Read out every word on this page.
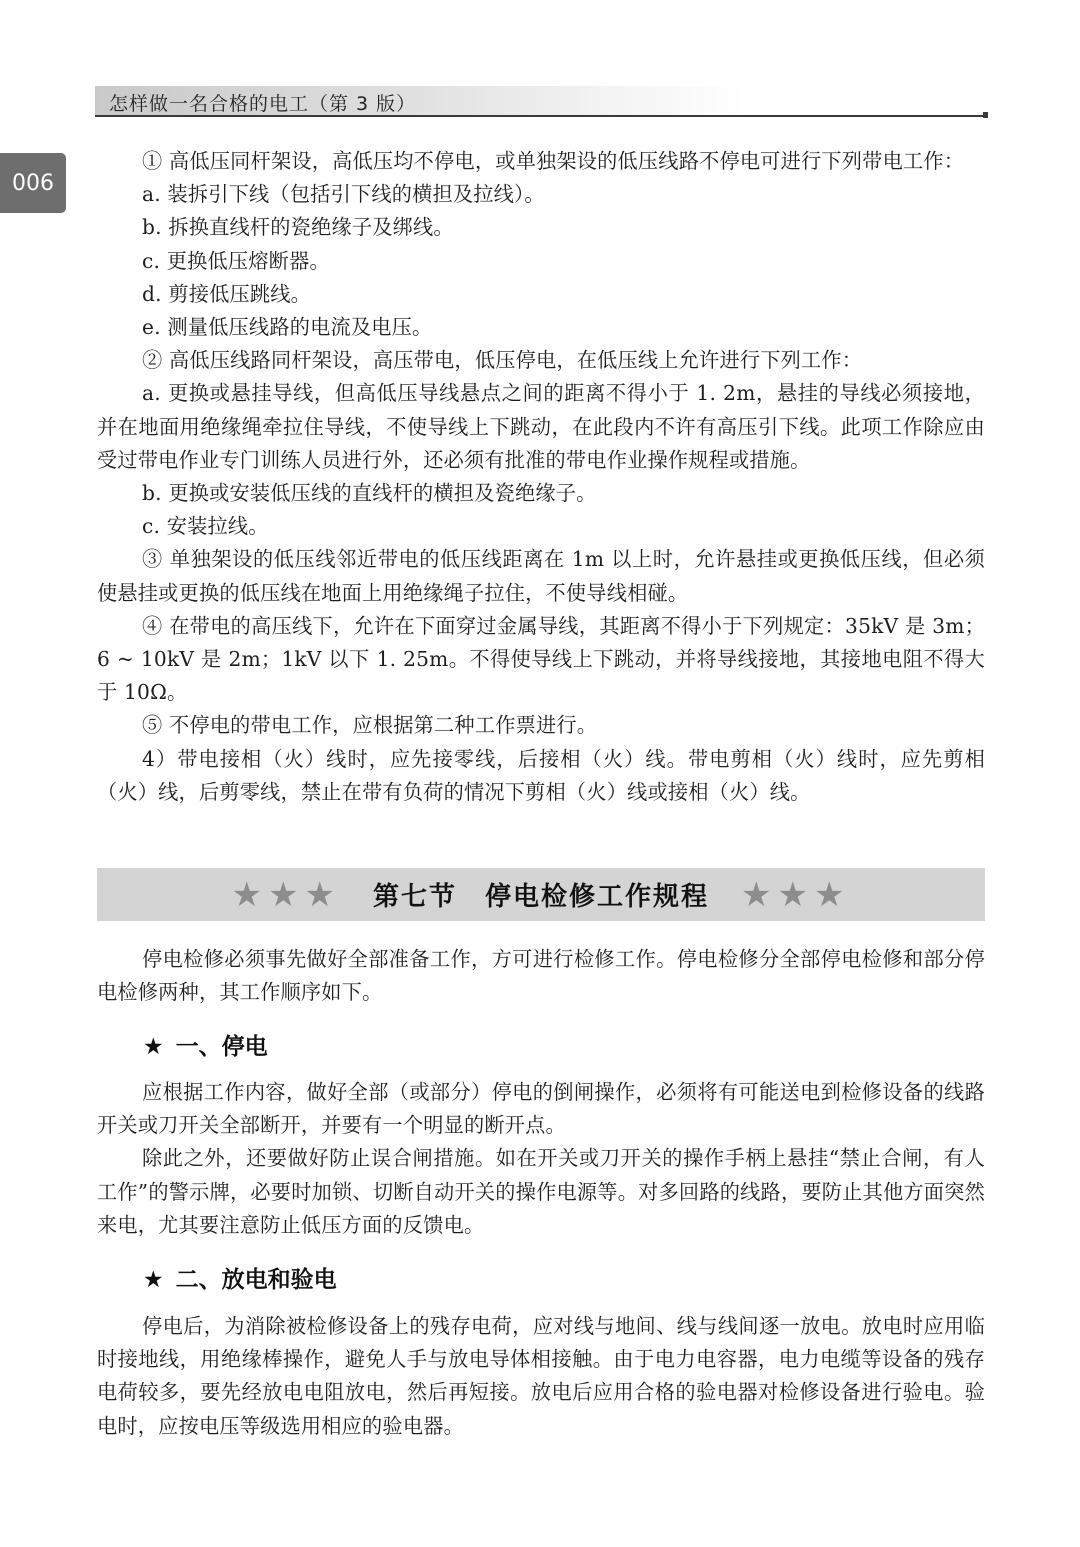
怎样做一名合格的电工（第 3 版）
006

① 高低压同杆架设，高低压均不停电，或单独架设的低压线路不停电可进行下列带电工作：

a. 装拆引下线（包括引下线的横担及拉线）。

b. 拆换直线杆的瓷绝缘子及绑线。

c. 更换低压熔断器。

d. 剪接低压跳线。

e. 测量低压线路的电流及电压。

② 高低压线路同杆架设，高压带电，低压停电，在低压线上允许进行下列工作：

a. 更换或悬挂导线，但高低压导线悬点之间的距离不得小于 1. 2m，悬挂的导线必须接地，并在地面用绝缘绳牵拉住导线，不使导线上下跳动，在此段内不许有高压引下线。此项工作除应由受过带电作业专门训练人员进行外，还必须有批准的带电作业操作规程或措施。

b. 更换或安装低压线的直线杆的横担及瓷绝缘子。

c. 安装拉线。

③ 单独架设的低压线邻近带电的低压线距离在 1m 以上时，允许悬挂或更换低压线，但必须使悬挂或更换的低压线在地面上用绝缘绳子拉住，不使导线相碰。

④ 在带电的高压线下，允许在下面穿过金属导线，其距离不得小于下列规定：35kV 是 3m；6 ~ 10kV 是 2m；1kV 以下 1. 25m。不得使导线上下跳动，并将导线接地，其接地电阻不得大于 10Ω。

⑤ 不停电的带电工作，应根据第二种工作票进行。

4）带电接相（火）线时，应先接零线，后接相（火）线。带电剪相（火）线时，应先剪相（火）线，后剪零线，禁止在带有负荷的情况下剪相（火）线或接相（火）线。

★★★ 第七节　停电检修工作规程 ★★★

停电检修必须事先做好全部准备工作，方可进行检修工作。停电检修分全部停电检修和部分停电检修两种，其工作顺序如下。

★ 一、停电

应根据工作内容，做好全部（或部分）停电的倒闸操作，必须将有可能送电到检修设备的线路开关或刀开关全部断开，并要有一个明显的断开点。

除此之外，还要做好防止误合闸措施。如在开关或刀开关的操作手柄上悬挂“禁止合闸，有人工作”的警示牌，必要时加锁、切断自动开关的操作电源等。对多回路的线路，要防止其他方面突然来电，尤其要注意防止低压方面的反馈电。

★ 二、放电和验电

停电后，为消除被检修设备上的残存电荷，应对线与地间、线与线间逐一放电。放电时应用临时接地线，用绝缘棒操作，避免人手与放电导体相接触。由于电力电容器，电力电缆等设备的残存电荷较多，要先经放电电阻放电，然后再短接。放电后应用合格的验电器对检修设备进行验电。验电时，应按电压等级选用相应的验电器。
